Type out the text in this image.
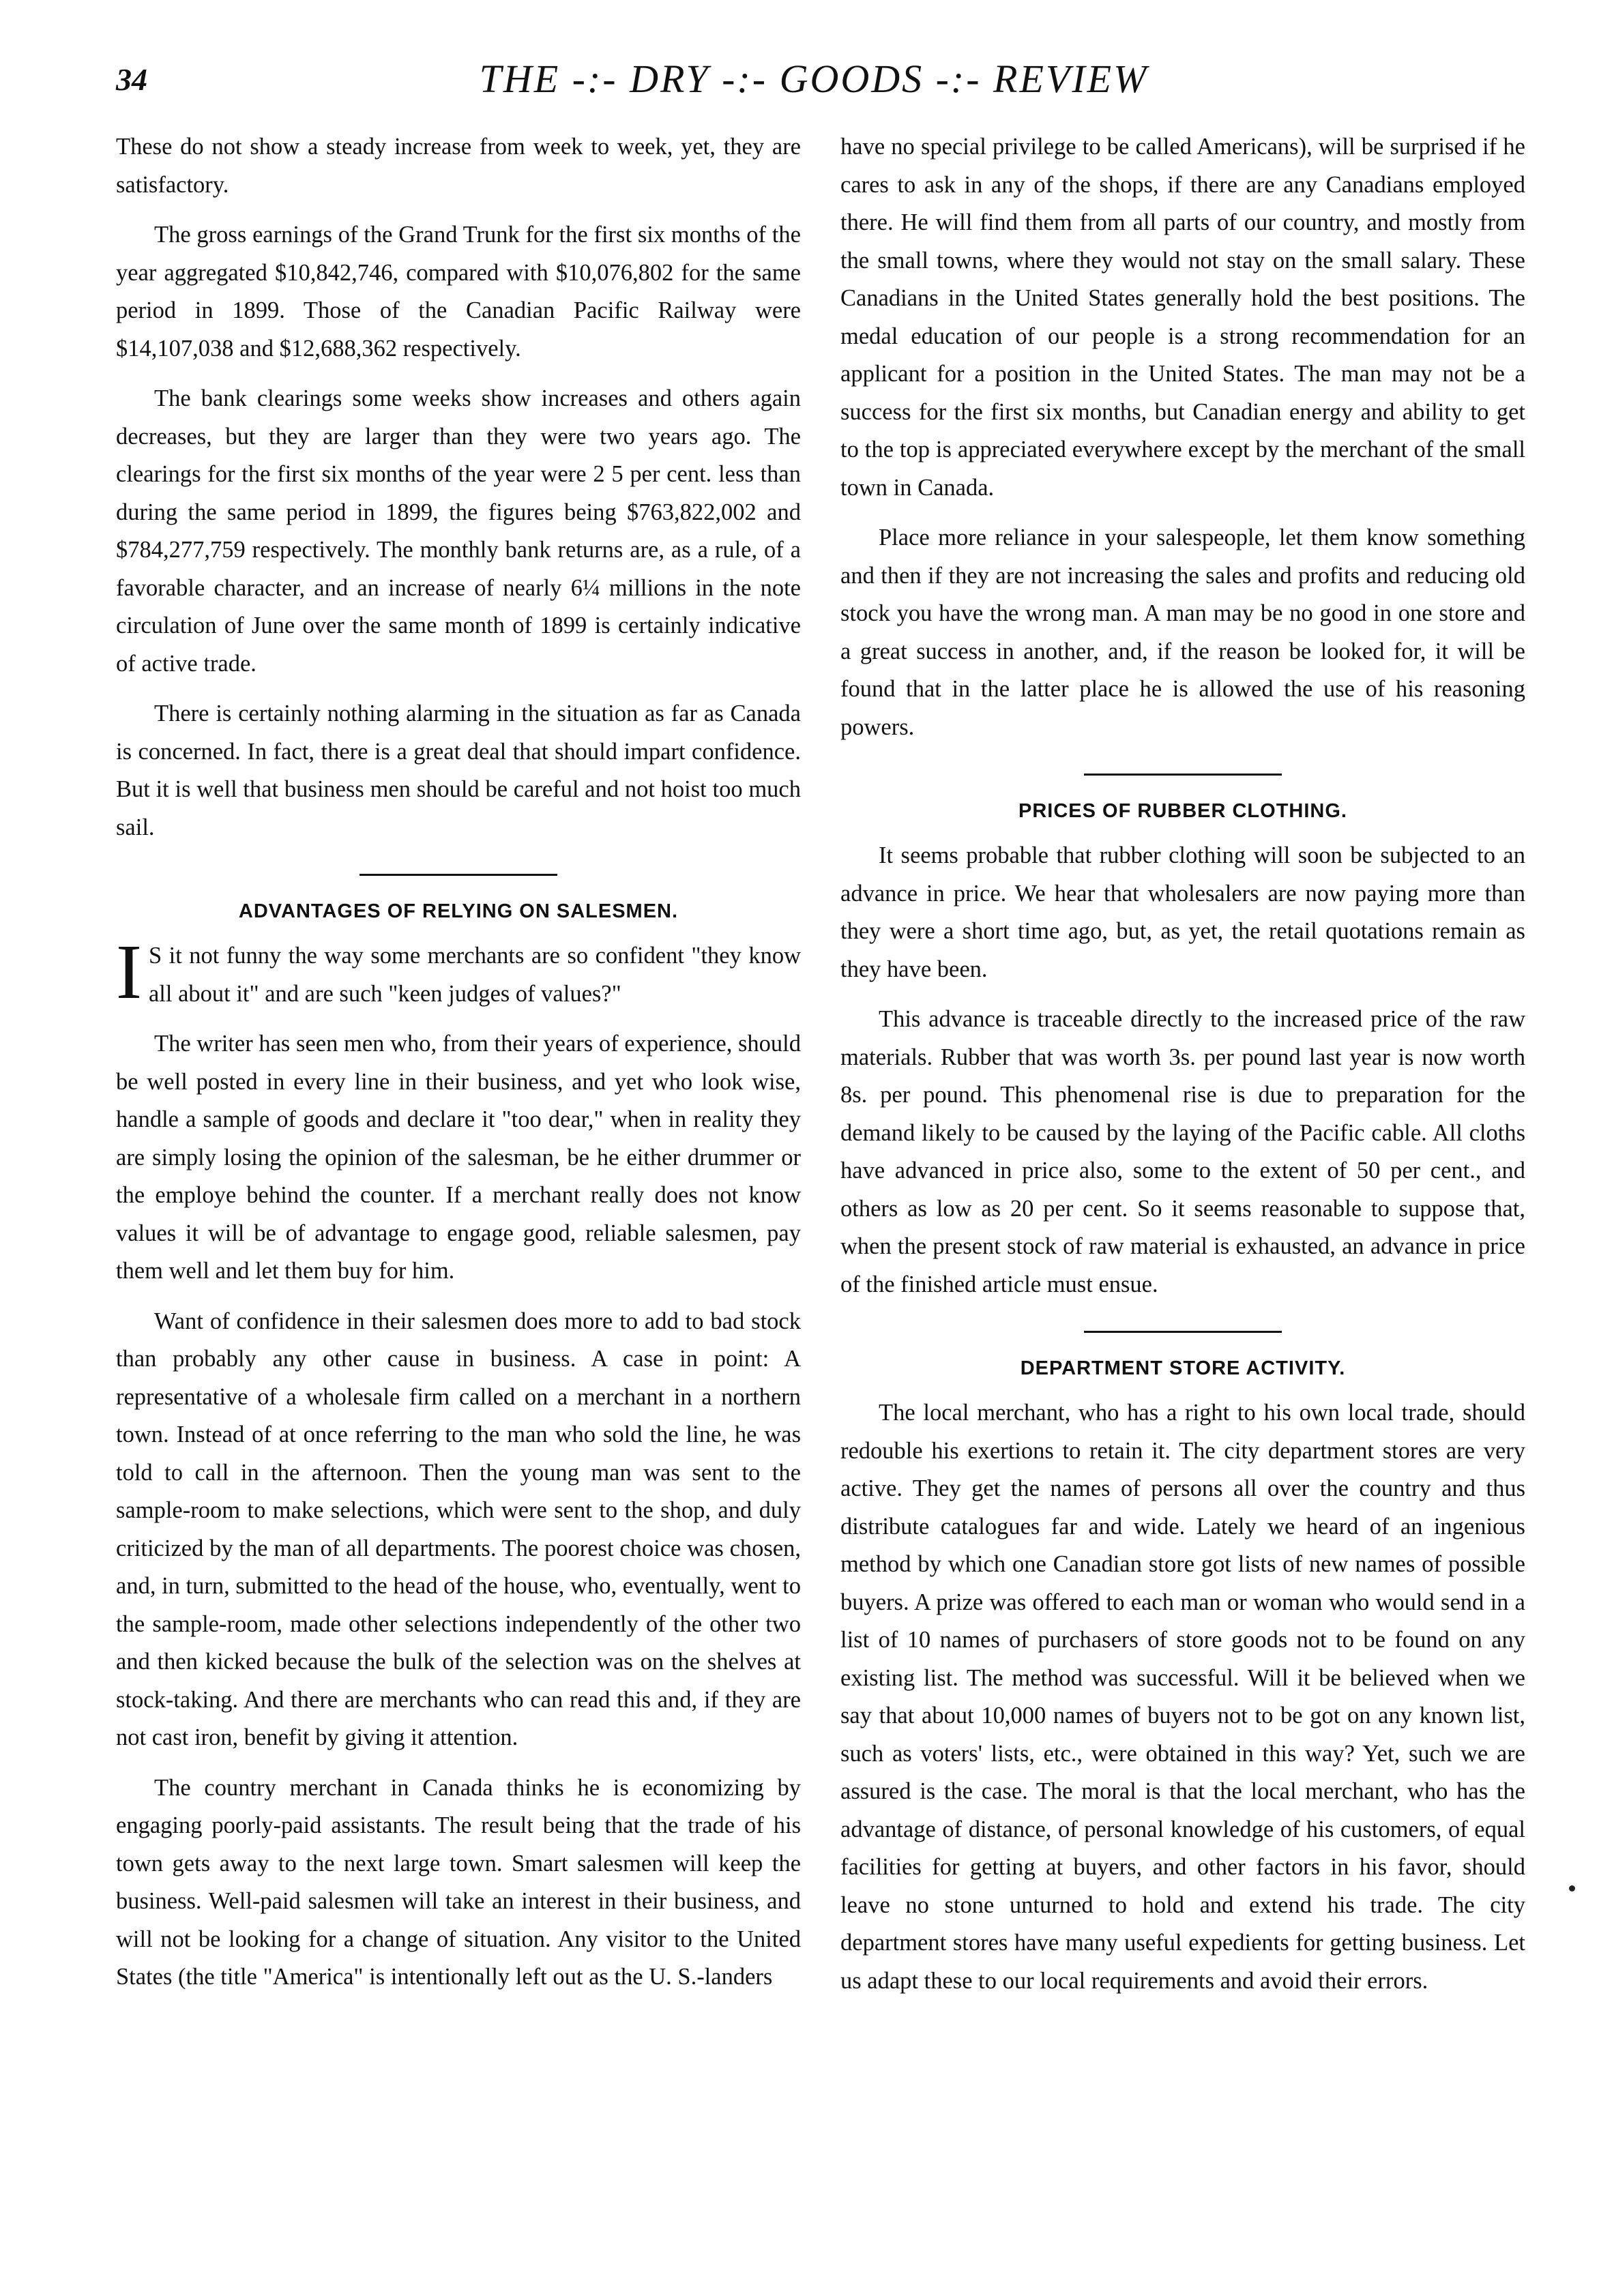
34	THE -:- DRY -:- GOODS -:- REVIEW

These do not show a steady increase from week to week, yet, they are satisfactory.

The gross earnings of the Grand Trunk for the first six months of the year aggregated $10,842,746, compared with $10,076,802 for the same period in 1899. Those of the Canadian Pacific Railway were $14,107,038 and $12,688,362 respectively.

The bank clearings some weeks show increases and others again decreases, but they are larger than they were two years ago. The clearings for the first six months of the year were 2 5 per cent. less than during the same period in 1899, the figures being $763,822,002 and $784,277,759 respectively. The monthly bank returns are, as a rule, of a favorable character, and an increase of nearly 6¼ millions in the note circulation of June over the same month of 1899 is certainly indicative of active trade.

There is certainly nothing alarming in the situation as far as Canada is concerned. In fact, there is a great deal that should impart confidence. But it is well that business men should be careful and not hoist too much sail.

ADVANTAGES OF RELYING ON SALESMEN.

I S it not funny the way some merchants are so confident "they know all about it" and are such "keen judges of values?"

The writer has seen men who, from their years of experience, should be well posted in every line in their business, and yet who look wise, handle a sample of goods and declare it "too dear," when in reality they are simply losing the opinion of the salesman, be he either drummer or the employe behind the counter. If a merchant really does not know values it will be of advantage to engage good, reliable salesmen, pay them well and let them buy for him.

Want of confidence in their salesmen does more to add to bad stock than probably any other cause in business. A case in point: A representative of a wholesale firm called on a merchant in a northern town. Instead of at once referring to the man who sold the line, he was told to call in the afternoon. Then the young man was sent to the sample-room to make selections, which were sent to the shop, and duly criticized by the man of all departments. The poorest choice was chosen, and, in turn, submitted to the head of the house, who, eventually, went to the sample-room, made other selections independently of the other two and then kicked because the bulk of the selection was on the shelves at stock-taking. And there are merchants who can read this and, if they are not cast iron, benefit by giving it attention.

The country merchant in Canada thinks he is economizing by engaging poorly-paid assistants. The result being that the trade of his town gets away to the next large town. Smart salesmen will keep the business. Well-paid salesmen will take an interest in their business, and will not be looking for a change of situation. Any visitor to the United States (the title "America" is intentionally left out as the U. S.-landers

have no special privilege to be called Americans), will be surprised if he cares to ask in any of the shops, if there are any Canadians employed there. He will find them from all parts of our country, and mostly from the small towns, where they would not stay on the small salary. These Canadians in the United States generally hold the best positions. The medal education of our people is a strong recommendation for an applicant for a position in the United States. The man may not be a success for the first six months, but Canadian energy and ability to get to the top is appreciated everywhere except by the merchant of the small town in Canada.

Place more reliance in your salespeople, let them know something and then if they are not increasing the sales and profits and reducing old stock you have the wrong man. A man may be no good in one store and a great success in another, and, if the reason be looked for, it will be found that in the latter place he is allowed the use of his reasoning powers.

PRICES OF RUBBER CLOTHING.

It seems probable that rubber clothing will soon be subjected to an advance in price. We hear that wholesalers are now paying more than they were a short time ago, but, as yet, the retail quotations remain as they have been.

This advance is traceable directly to the increased price of the raw materials. Rubber that was worth 3s. per pound last year is now worth 8s. per pound. This phenomenal rise is due to preparation for the demand likely to be caused by the laying of the Pacific cable. All cloths have advanced in price also, some to the extent of 50 per cent., and others as low as 20 per cent. So it seems reasonable to suppose that, when the present stock of raw material is exhausted, an advance in price of the finished article must ensue.

DEPARTMENT STORE ACTIVITY.

The local merchant, who has a right to his own local trade, should redouble his exertions to retain it. The city department stores are very active. They get the names of persons all over the country and thus distribute catalogues far and wide. Lately we heard of an ingenious method by which one Canadian store got lists of new names of possible buyers. A prize was offered to each man or woman who would send in a list of 10 names of purchasers of store goods not to be found on any existing list. The method was successful. Will it be believed when we say that about 10,000 names of buyers not to be got on any known list, such as voters' lists, etc., were obtained in this way? Yet, such we are assured is the case. The moral is that the local merchant, who has the advantage of distance, of personal knowledge of his customers, of equal facilities for getting at buyers, and other factors in his favor, should leave no stone unturned to hold and extend his trade. The city department stores have many useful expedients for getting business. Let us adapt these to our local requirements and avoid their errors.
